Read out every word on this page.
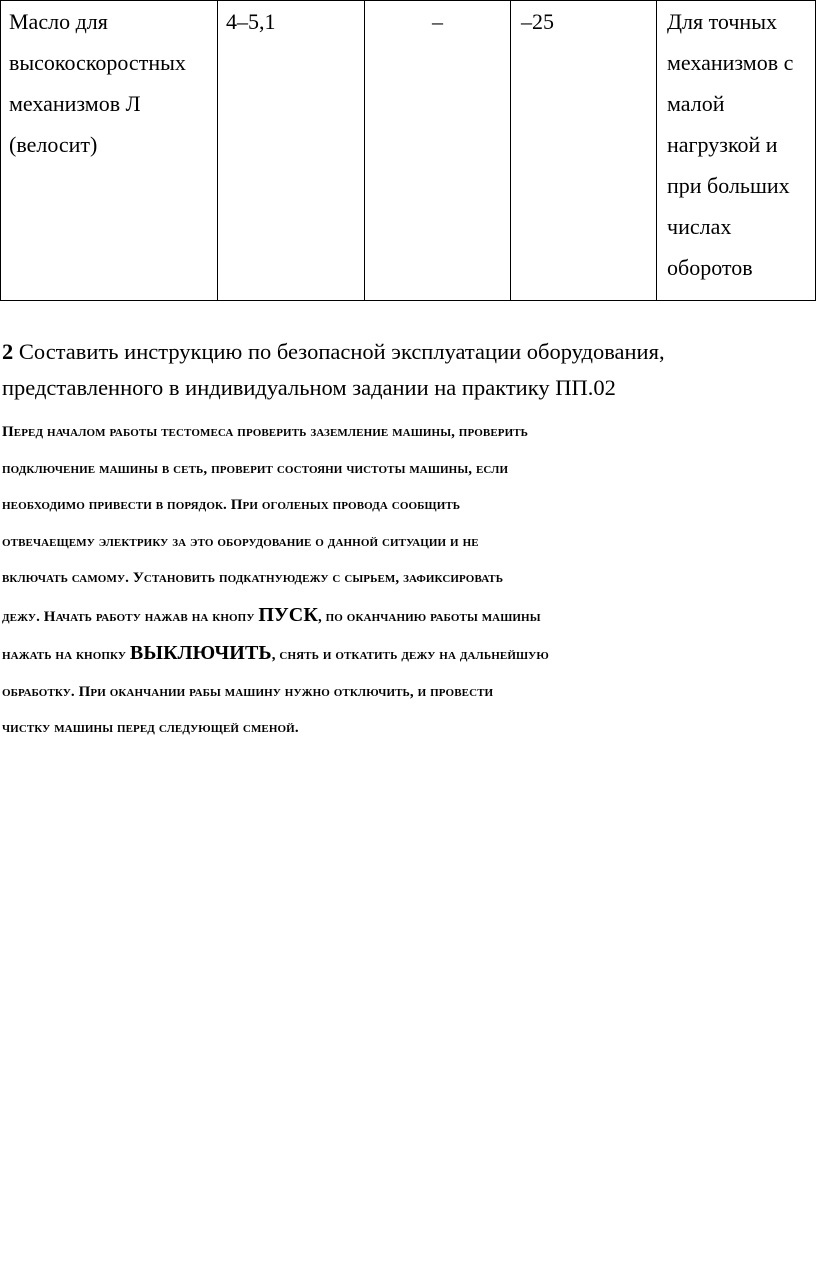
Масло для
высокоскоростных
механизмов Л
(велосит)
	4–5,1	–	–25	Для точных
механизмов с
малой
нагрузкой и
при больших
числах
оборотов
2 Составить инструкцию по безопасной эксплуатации оборудования,
представленного в индивидуальном задании на практику ПП.02
Перед началом работы тестомеса проверить заземление машины, проверить
подключение машины в сеть, проверит состояни чистоты машины, если
необходимо привести в порядок. При оголеных провода сообщить
отвечаещему электрику за это оборудование о данной ситуации и не
включать самому. Установить подкатнуюдежу с сырьем, зафиксировать
дежу. Начать работу нажав на кнопу ПУСК, по оканчанию работы машины
нажать на кнопку ВЫКЛЮЧИТЬ, снять и откатить дежу на дальнейшую
обработку. При оканчании рабы машину нужно отключить, и провести
чистку машины перед следующей сменой.
